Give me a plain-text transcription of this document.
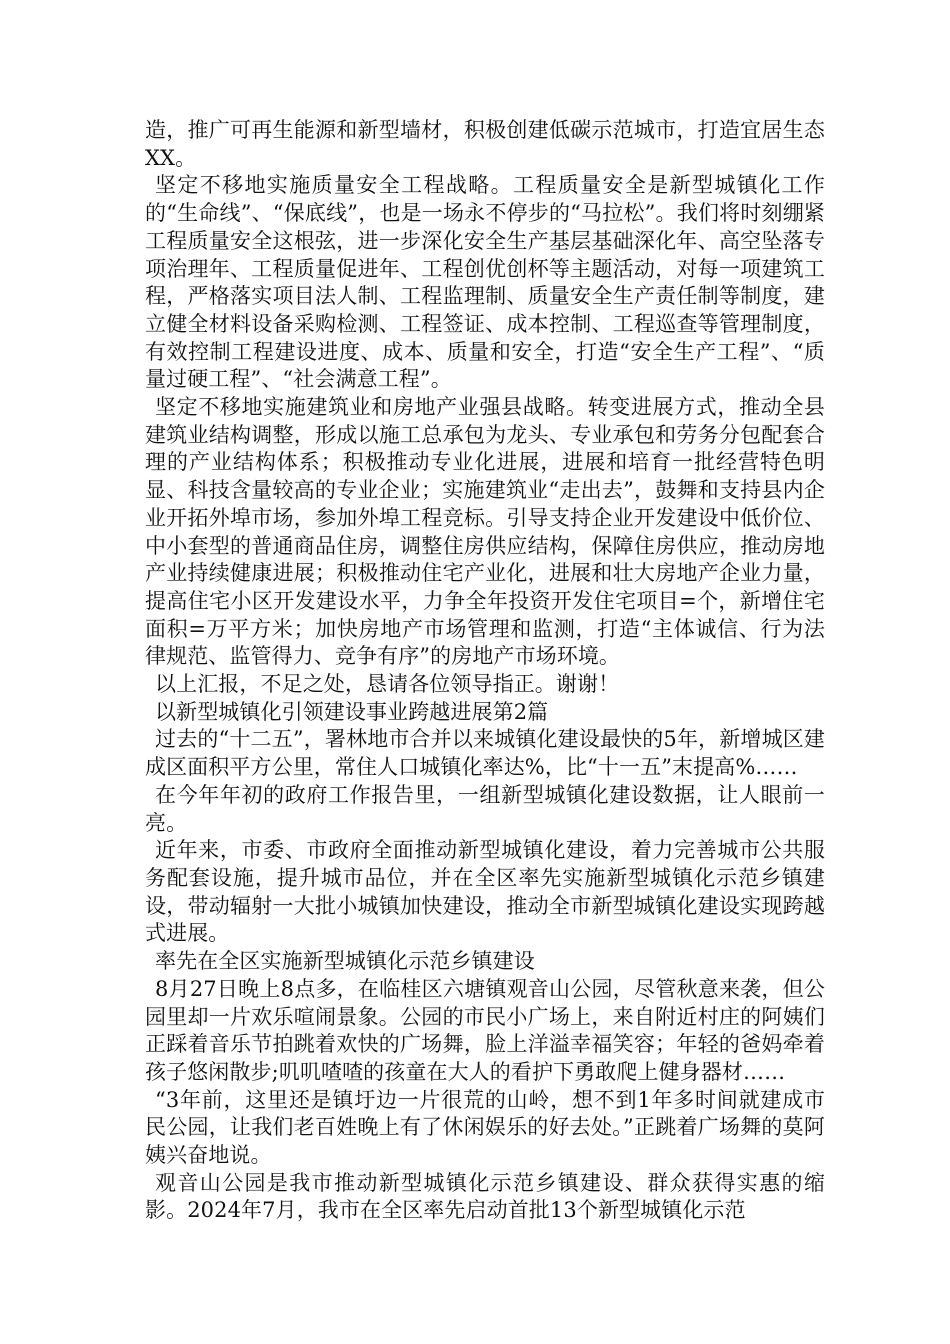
造，推广可再生能源和新型墙材，积极创建低碳示范城市，打造宜居生态XX。

坚定不移地实施质量安全工程战略。工程质量安全是新型城镇化工作的“生命线”、“保底线”，也是一场永不停步的“马拉松”。我们将时刻绷紧工程质量安全这根弦，进一步深化安全生产基层基础深化年、高空坠落专项治理年、工程质量促进年、工程创优创杯等主题活动，对每一项建筑工程，严格落实项目法人制、工程监理制、质量安全生产责任制等制度，建立健全材料设备采购检测、工程签证、成本控制、工程巡查等管理制度，有效控制工程建设进度、成本、质量和安全，打造“安全生产工程”、“质量过硬工程”、“社会满意工程”。

坚定不移地实施建筑业和房地产业强县战略。转变进展方式，推动全县建筑业结构调整，形成以施工总承包为龙头、专业承包和劳务分包配套合理的产业结构体系；积极推动专业化进展，进展和培育一批经营特色明显、科技含量较高的专业企业；实施建筑业“走出去”，鼓舞和支持县内企业开拓外埠市场，参加外埠工程竞标。引导支持企业开发建设中低价位、中小套型的普通商品住房，调整住房供应结构，保障住房供应，推动房地产业持续健康进展；积极推动住宅产业化，进展和壮大房地产企业力量，提高住宅小区开发建设水平，力争全年投资开发住宅项目=个，新增住宅面积=万平方米；加快房地产市场管理和监测，打造“主体诚信、行为法律规范、监管得力、竞争有序”的房地产市场环境。

以上汇报，不足之处，恳请各位领导指正。谢谢！

以新型城镇化引领建设事业跨越进展第2篇

过去的“十二五”，署林地市合并以来城镇化建设最快的5年，新增城区建成区面积平方公里，常住人口城镇化率达%，比“十一五”末提高%……

在今年年初的政府工作报告里，一组新型城镇化建设数据，让人眼前一亮。

近年来，市委、市政府全面推动新型城镇化建设，着力完善城市公共服务配套设施，提升城市品位，并在全区率先实施新型城镇化示范乡镇建设，带动辐射一大批小城镇加快建设，推动全市新型城镇化建设实现跨越式进展。

率先在全区实施新型城镇化示范乡镇建设

8月27日晚上8点多，在临桂区六塘镇观音山公园，尽管秋意来袭，但公园里却一片欢乐喧闹景象。公园的市民小广场上，来自附近村庄的阿姨们正踩着音乐节拍跳着欢快的广场舞，脸上洋溢幸福笑容；年轻的爸妈牵着孩子悠闲散步;叽叽喳喳的孩童在大人的看护下勇敢爬上健身器材……

“3年前，这里还是镇圩边一片很荒的山岭，想不到1年多时间就建成市民公园，让我们老百姓晚上有了休闲娱乐的好去处。”正跳着广场舞的莫阿姨兴奋地说。

观音山公园是我市推动新型城镇化示范乡镇建设、群众获得实惠的缩影。2024年7月，我市在全区率先启动首批13个新型城镇化示范
